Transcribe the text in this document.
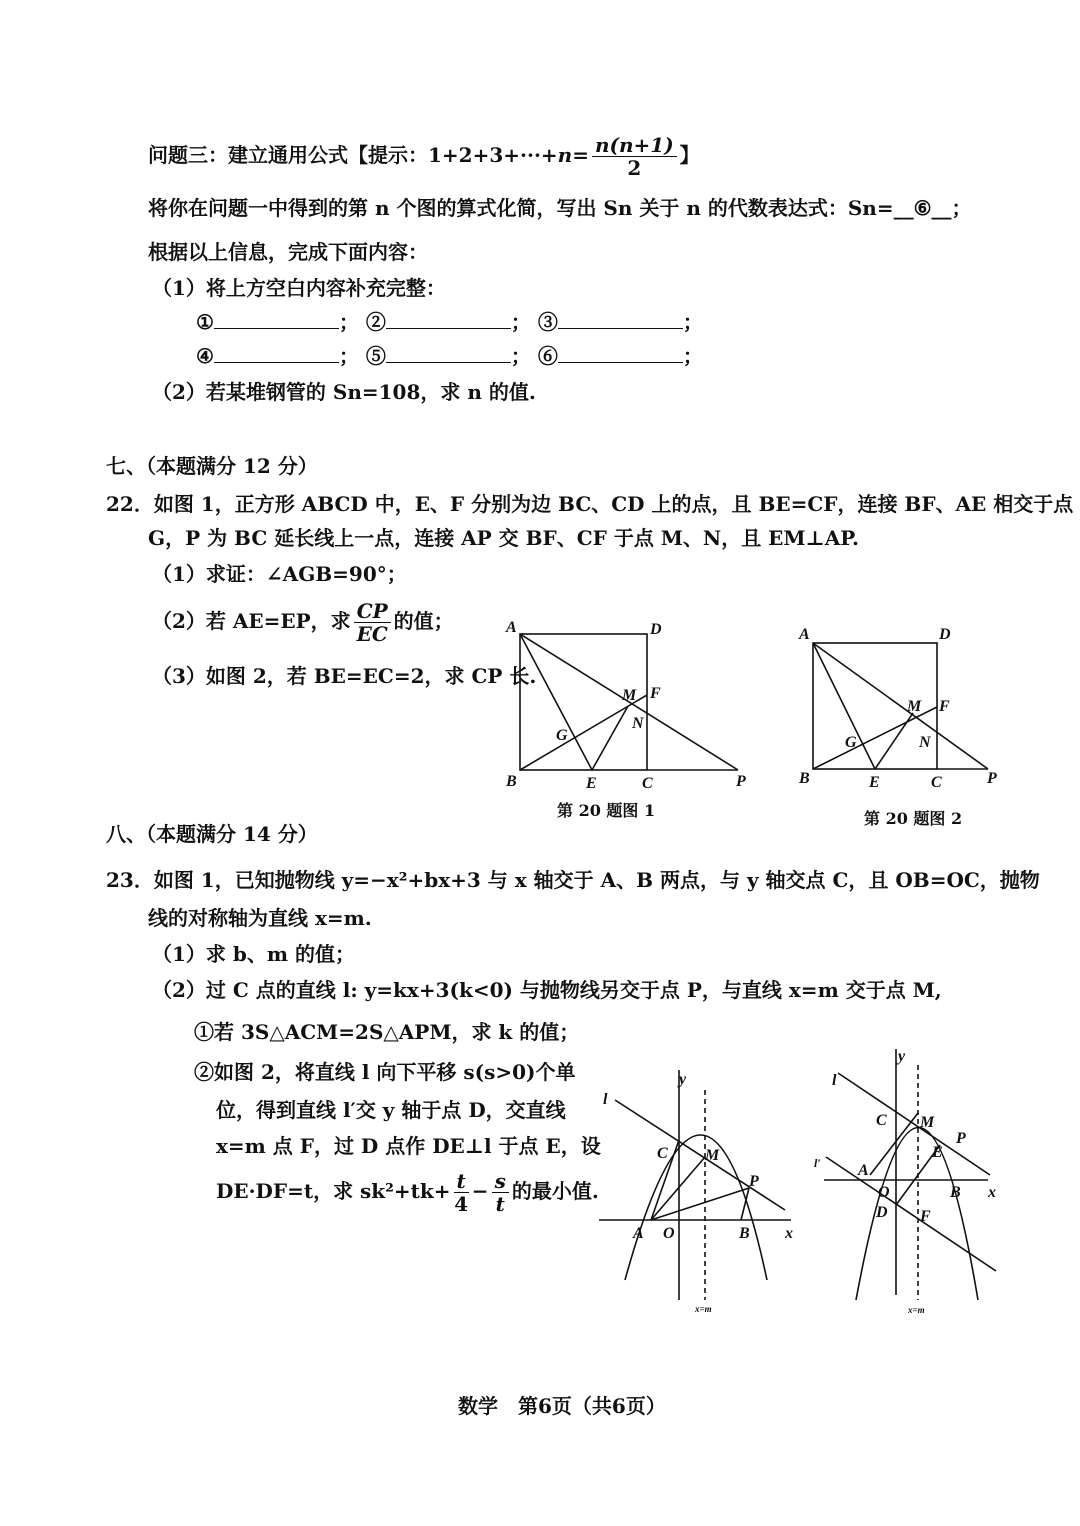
问题三：建立通用公式【提示：$1+2+3+\cdot\cdot\cdot+n= \frac{n(n+1)}{2}$ 】
将你在问题一中得到的第 n 个图的算式化简，写出 Sn 关于 n 的代数表达式：Sn=__⑥__；
根据以上信息，完成下面内容：
（1）将上方空白内容补充完整：
①	； ②	； ③	；
④	； ⑤	； ⑥	；
（2）若某堆钢管的 Sn=108，求 n 的值.
七、（本题满分 12 分）
22．如图 1，正方形 ABCD 中，E、F 分别为边 BC、CD 上的点，且 BE=CF，连接 BF、AE 相交于点
G，P 为 BC 延长线上一点，连接 AP 交 BF、CF 于点 M、N，且 EM⊥AP.
（1）求证：∠AGB=90°；
（2）若 AE=EP，求 $\frac{CP}{EC}$ 的值；
（3）如图 2，若 BE=EC=2，求 CP 长.
A	D
B	E	C	P
G
M F
N
第 20 题图 1
A	D
B	E	C	P
G
M F
N
第 20 题图 2
八、（本题满分 14 分）
23．如图 1，已知抛物线 y=−x²+bx+3 与 x 轴交于 A、B 两点，与 y 轴交点 C，且 OB=OC，抛物
线的对称轴为直线 x=m.
（1）求 b、m 的值；
（2）过 C 点的直线 l: y=kx+3(k<0) 与抛物线另交于点 P，与直线 x=m 交于点 M,
①若 3S△ACM=2S△APM，求 k 的值；
②如图 2，将直线 l 向下平移 s(s>0)个单
位，得到直线 l′交 y 轴于点 D，交直线
x=m 点 F，过 D 点作 DE⊥l 于点 E，设
DE·DF=t，求 $sk^2+tk+ \frac{t}{4} - \frac{s}{t}$ 的最小值.
l
y
C M
P
A O	B x
x=m
l
y
C M
P
E
l′ A
O	B x
D F
x=m
数学　第6页（共6页）
